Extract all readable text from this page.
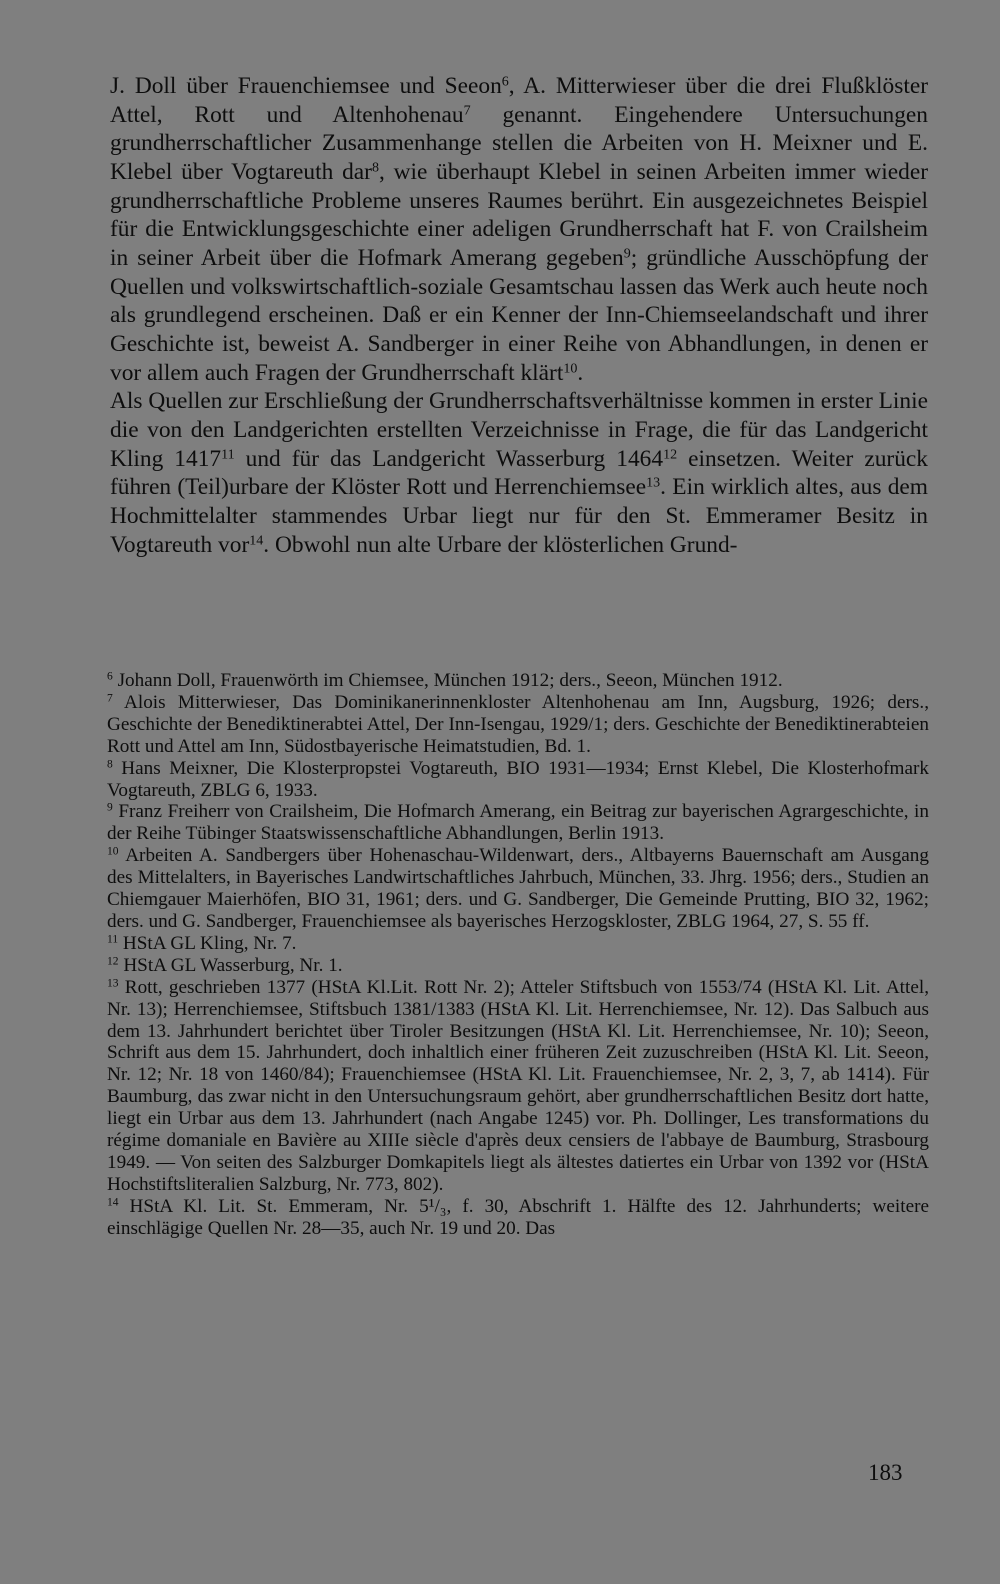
J. Doll über Frauenchiemsee und Seeon$^6$, A. Mitterwieser über die drei Flußklöster Attel, Rott und Altenhohenau$^7$ genannt. Eingehendere Untersuchungen grundherrschaftlicher Zusammenhange stellen die Arbeiten von H. Meixner und E. Klebel über Vogtareuth dar$^8$, wie überhaupt Klebel in seinen Arbeiten immer wieder grundherrschaftliche Probleme unseres Raumes berührt. Ein ausgezeichnetes Beispiel für die Entwicklungsgeschichte einer adeligen Grundherrschaft hat F. von Crailsheim in seiner Arbeit über die Hofmark Amerang gegeben$^9$; gründliche Ausschöpfung der Quellen und volkswirtschaftlich-soziale Gesamtschau lassen das Werk auch heute noch als grundlegend erscheinen. Daß er ein Kenner der Inn-Chiemseelandschaft und ihrer Geschichte ist, beweist A. Sandberger in einer Reihe von Abhandlungen, in denen er vor allem auch Fragen der Grundherrschaft klärt$^{10}$.

Als Quellen zur Erschließung der Grundherrschaftsverhältnisse kommen in erster Linie die von den Landgerichten erstellten Verzeichnisse in Frage, die für das Landgericht Kling 1417$^{11}$ und für das Landgericht Wasserburg 1464$^{12}$ einsetzen. Weiter zurück führen (Teil)urbare der Klöster Rott und Herrenchiemsee$^{13}$. Ein wirklich altes, aus dem Hochmittelalter stammendes Urbar liegt nur für den St. Emmeramer Besitz in Vogtareuth vor$^{14}$. Obwohl nun alte Urbare der klösterlichen Grund-

$^6$ Johann Doll, Frauenwörth im Chiemsee, München 1912; ders., Seeon, München 1912.

$^7$ Alois Mitterwieser, Das Dominikanerinnenkloster Altenhohenau am Inn, Augsburg, 1926; ders., Geschichte der Benediktinerabtei Attel, Der Inn-Isengau, 1929/1; ders. Geschichte der Benediktinerabteien Rott und Attel am Inn, Südostbayerische Heimatstudien, Bd. 1.

$^8$ Hans Meixner, Die Klosterpropstei Vogtareuth, BIO 1931—1934; Ernst Klebel, Die Klosterhofmark Vogtareuth, ZBLG 6, 1933.

$^9$ Franz Freiherr von Crailsheim, Die Hofmarch Amerang, ein Beitrag zur bayerischen Agrargeschichte, in der Reihe Tübinger Staatswissenschaftliche Abhandlungen, Berlin 1913.

$^{10}$ Arbeiten A. Sandbergers über Hohenaschau-Wildenwart, ders., Altbayerns Bauernschaft am Ausgang des Mittelalters, in Bayerisches Landwirtschaftliches Jahrbuch, München, 33. Jhrg. 1956; ders., Studien an Chiemgauer Maierhöfen, BIO 31, 1961; ders. und G. Sandberger, Die Gemeinde Prutting, BIO 32, 1962; ders. und G. Sandberger, Frauenchiemsee als bayerisches Herzogskloster, ZBLG 1964, 27, S. 55 ff.

$^{11}$ HStA GL Kling, Nr. 7.

$^{12}$ HStA GL Wasserburg, Nr. 1.

$^{13}$ Rott, geschrieben 1377 (HStA Kl.Lit. Rott Nr. 2); Atteler Stiftsbuch von 1553/74 (HStA Kl. Lit. Attel, Nr. 13); Herrenchiemsee, Stiftsbuch 1381/1383 (HStA Kl. Lit. Herrenchiemsee, Nr. 12). Das Salbuch aus dem 13. Jahrhundert berichtet über Tiroler Besitzungen (HStA Kl. Lit. Herrenchiemsee, Nr. 10); Seeon, Schrift aus dem 15. Jahrhundert, doch inhaltlich einer früheren Zeit zuzuschreiben (HStA Kl. Lit. Seeon, Nr. 12; Nr. 18 von 1460/84); Frauenchiemsee (HStA Kl. Lit. Frauenchiemsee, Nr. 2, 3, 7, ab 1414). Für Baumburg, das zwar nicht in den Untersuchungsraum gehört, aber grundherrschaftlichen Besitz dort hatte, liegt ein Urbar aus dem 13. Jahrhundert (nach Angabe 1245) vor. Ph. Dollinger, Les transformations du régime domaniale en Bavière au XIIIe siècle d'après deux censiers de l'abbaye de Baumburg, Strasbourg 1949. — Von seiten des Salzburger Domkapitels liegt als ältestes datiertes ein Urbar von 1392 vor (HStA Hochstiftsliteralien Salzburg, Nr. 773, 802).

$^{14}$ HStA Kl. Lit. St. Emmeram, Nr. 5¹/₃, f. 30, Abschrift 1. Hälfte des 12. Jahrhunderts; weitere einschlägige Quellen Nr. 28—35, auch Nr. 19 und 20. Das

183
